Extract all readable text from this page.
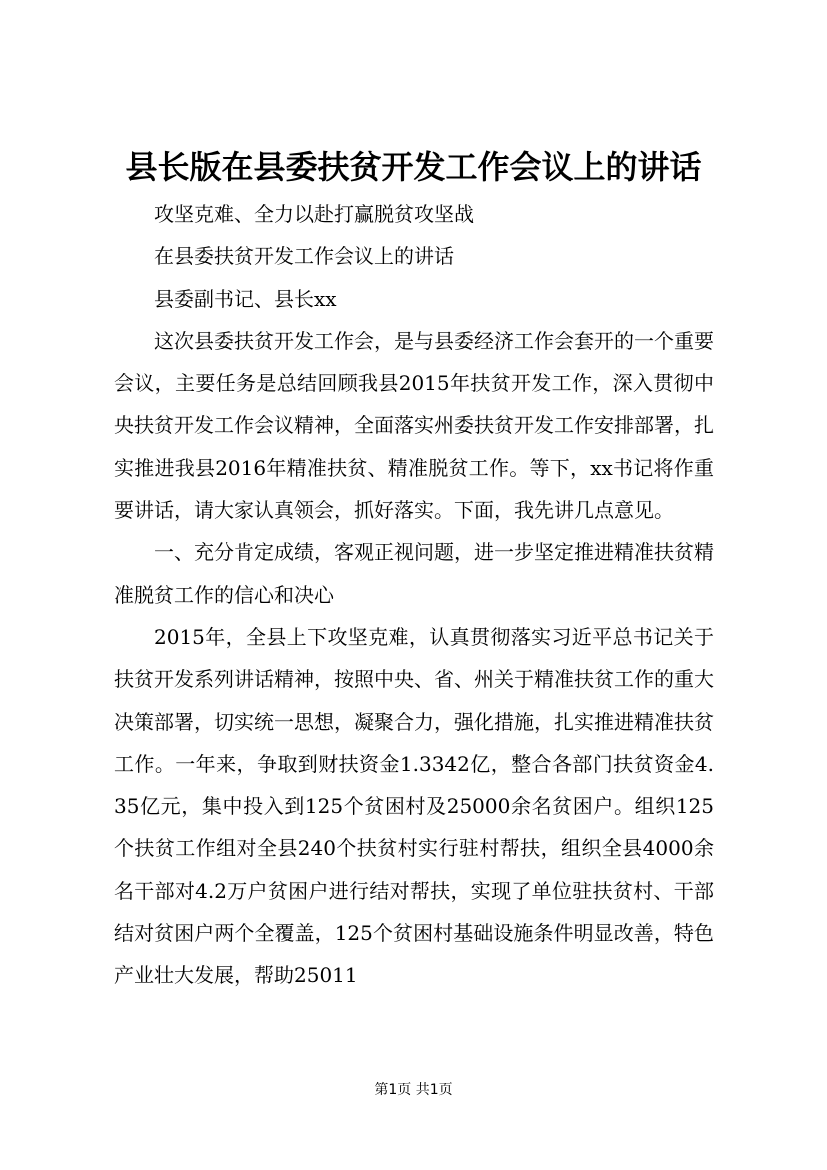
县长版在县委扶贫开发工作会议上的讲话

攻坚克难、全力以赴打赢脱贫攻坚战

在县委扶贫开发工作会议上的讲话

县委副书记、县长xx

这次县委扶贫开发工作会，是与县委经济工作会套开的一个重要会议，主要任务是总结回顾我县2015年扶贫开发工作，深入贯彻中央扶贫开发工作会议精神，全面落实州委扶贫开发工作安排部署，扎实推进我县2016年精准扶贫、精准脱贫工作。等下，xx书记将作重要讲话，请大家认真领会，抓好落实。下面，我先讲几点意见。

一、充分肯定成绩，客观正视问题，进一步坚定推进精准扶贫精准脱贫工作的信心和决心

2015年，全县上下攻坚克难，认真贯彻落实习近平总书记关于扶贫开发系列讲话精神，按照中央、省、州关于精准扶贫工作的重大决策部署，切实统一思想，凝聚合力，强化措施，扎实推进精准扶贫工作。一年来，争取到财扶资金1.3342亿，整合各部门扶贫资金4.35亿元，集中投入到125个贫困村及25000余名贫困户。组织125个扶贫工作组对全县240个扶贫村实行驻村帮扶，组织全县4000余名干部对4.2万户贫困户进行结对帮扶，实现了单位驻扶贫村、干部结对贫困户两个全覆盖，125个贫困村基础设施条件明显改善，特色产业壮大发展，帮助25011

第1页 共1页
